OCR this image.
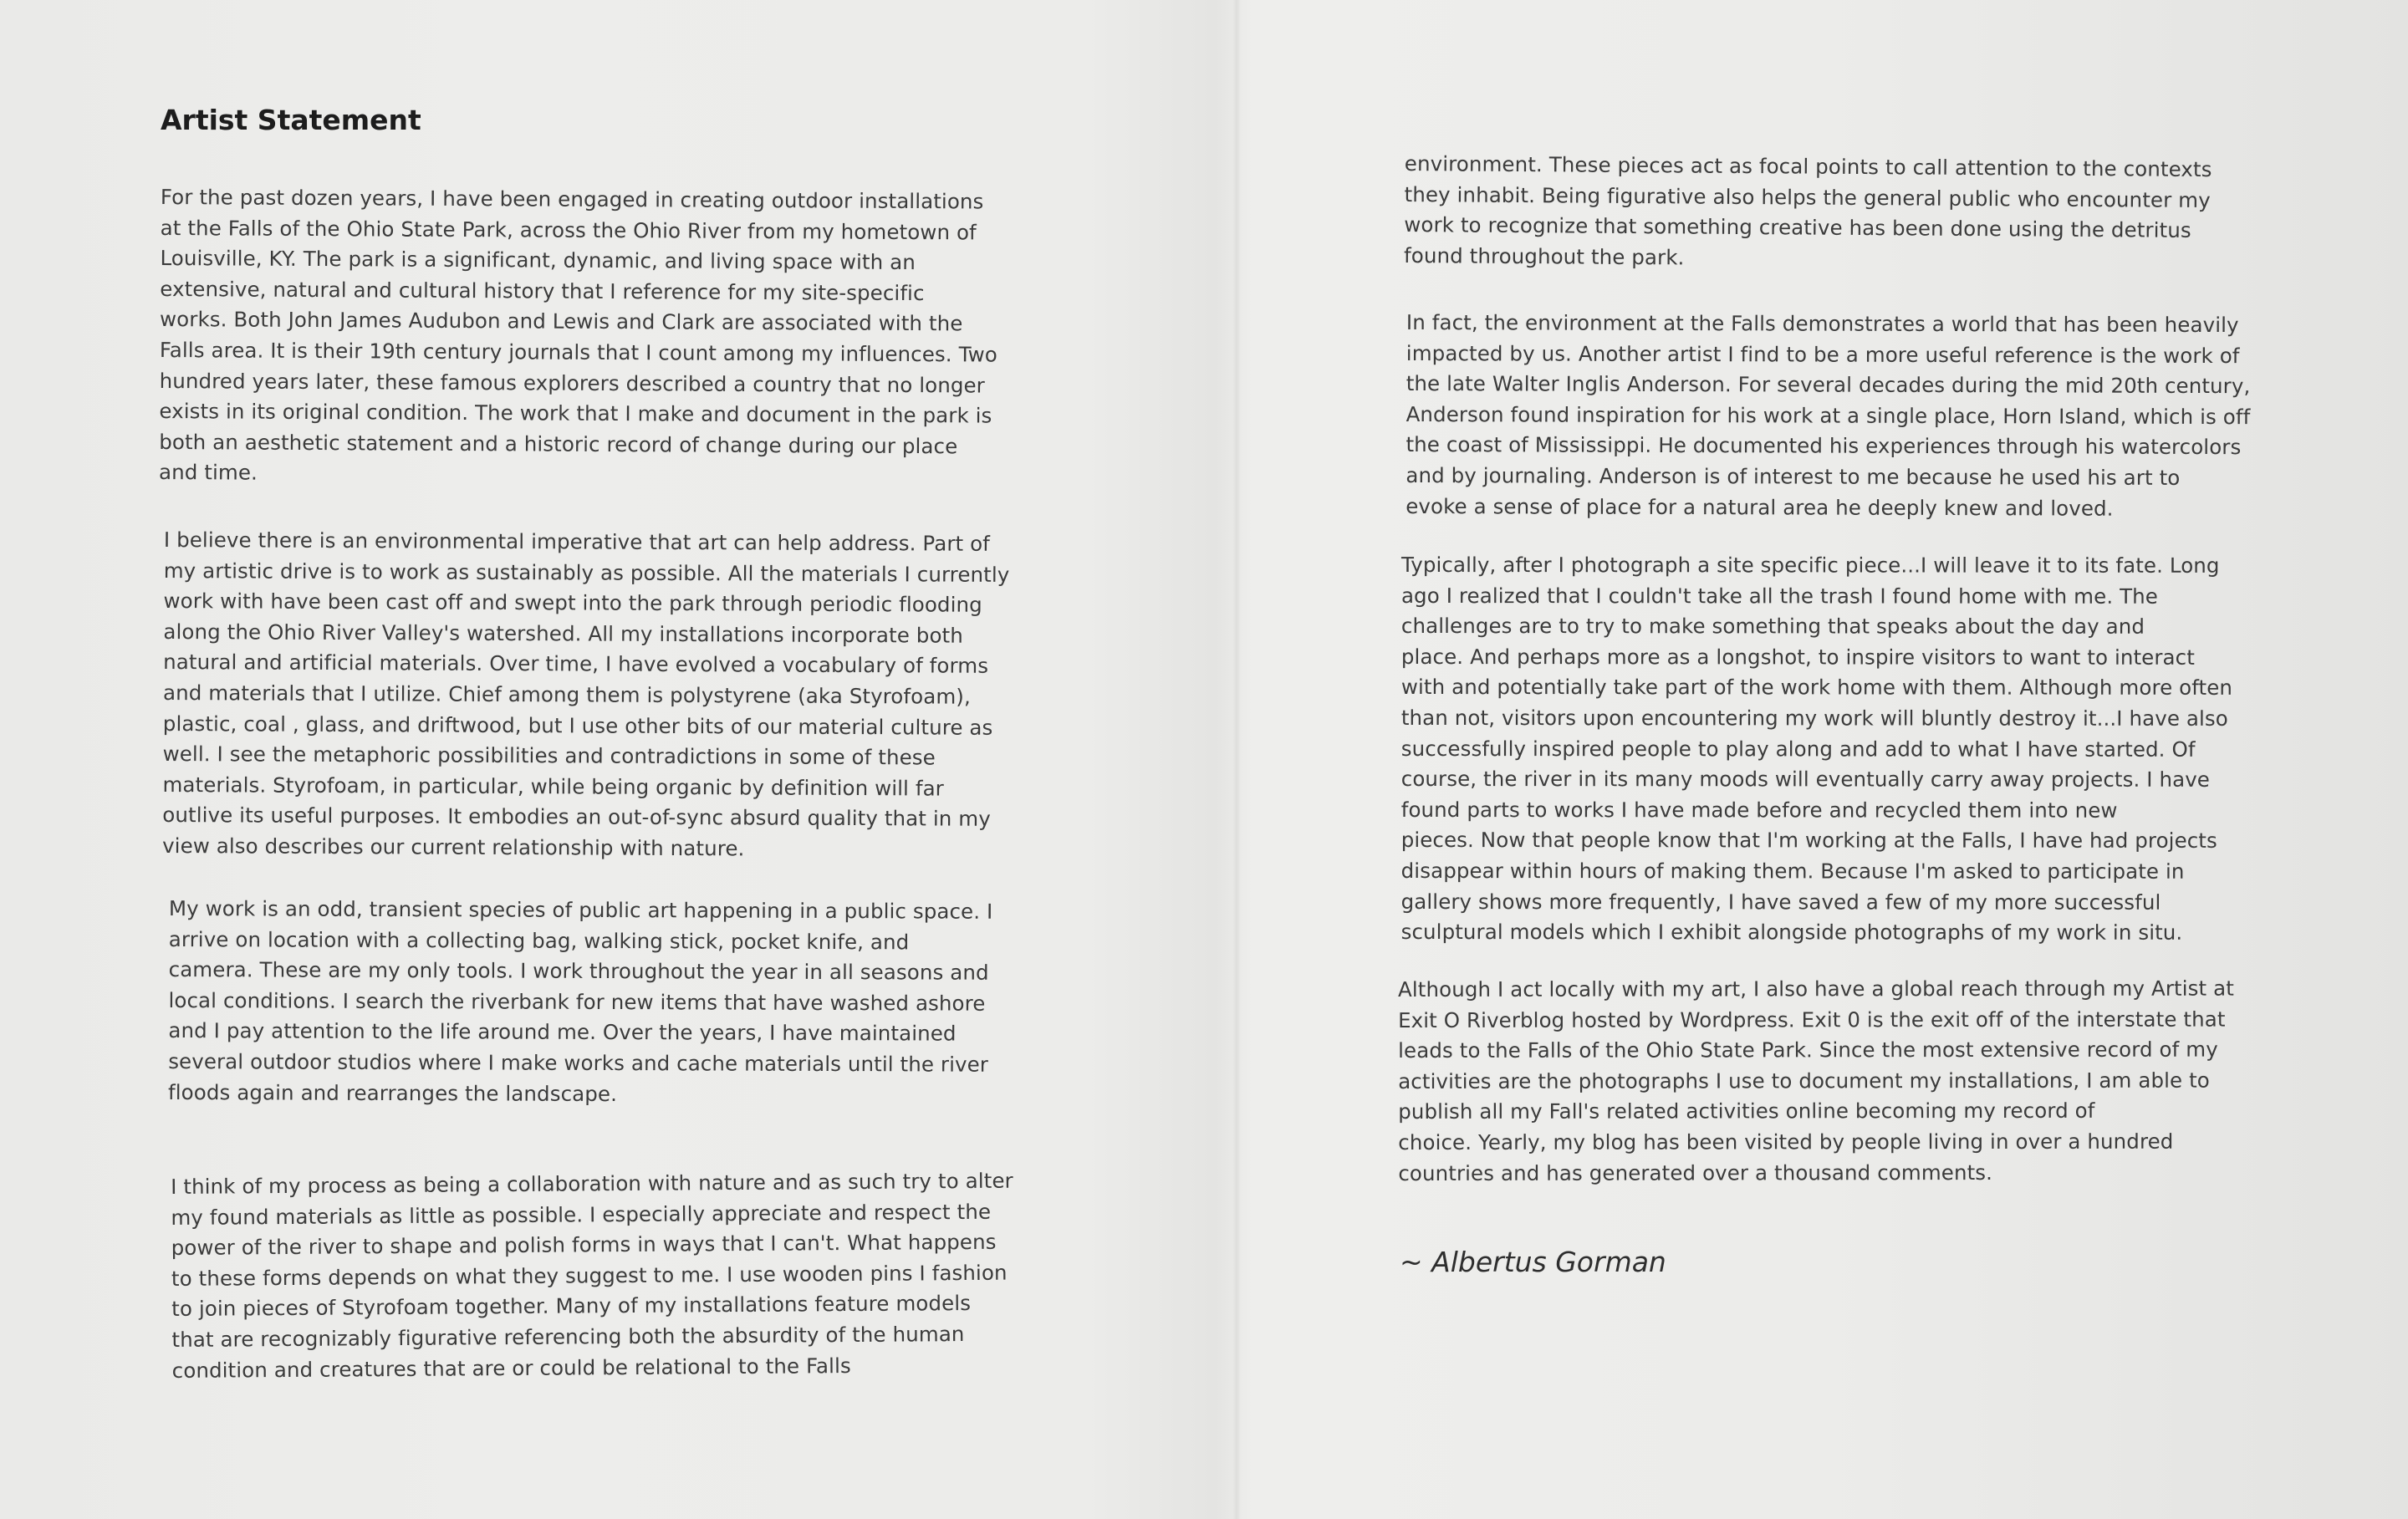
Artist Statement

For the past dozen years, I have been engaged in creating outdoor installations
at the Falls of the Ohio State Park, across the Ohio River from my hometown of
Louisville, KY. The park is a significant, dynamic, and living space with an
extensive, natural and cultural history that I reference for my site-specific
works. Both John James Audubon and Lewis and Clark are associated with the
Falls area. It is their 19th century journals that I count among my influences. Two
hundred years later, these famous explorers described a country that no longer
exists in its original condition. The work that I make and document in the park is
both an aesthetic statement and a historic record of change during our place
and time.

I believe there is an environmental imperative that art can help address. Part of
my artistic drive is to work as sustainably as possible. All the materials I currently
work with have been cast off and swept into the park through periodic flooding
along the Ohio River Valley's watershed. All my installations incorporate both
natural and artificial materials. Over time, I have evolved a vocabulary of forms
and materials that I utilize. Chief among them is polystyrene (aka Styrofoam),
plastic, coal , glass, and driftwood, but I use other bits of our material culture as
well. I see the metaphoric possibilities and contradictions in some of these
materials. Styrofoam, in particular, while being organic by definition will far
outlive its useful purposes. It embodies an out-of-sync absurd quality that in my
view also describes our current relationship with nature.

My work is an odd, transient species of public art happening in a public space. I
arrive on location with a collecting bag, walking stick, pocket knife, and
camera. These are my only tools. I work throughout the year in all seasons and
local conditions. I search the riverbank for new items that have washed ashore
and I pay attention to the life around me. Over the years, I have maintained
several outdoor studios where I make works and cache materials until the river
floods again and rearranges the landscape.

I think of my process as being a collaboration with nature and as such try to alter
my found materials as little as possible. I especially appreciate and respect the
power of the river to shape and polish forms in ways that I can't. What happens
to these forms depends on what they suggest to me. I use wooden pins I fashion
to join pieces of Styrofoam together. Many of my installations feature models
that are recognizably figurative referencing both the absurdity of the human
condition and creatures that are or could be relational to the Falls

environment. These pieces act as focal points to call attention to the contexts
they inhabit. Being figurative also helps the general public who encounter my
work to recognize that something creative has been done using the detritus
found throughout the park.

In fact, the environment at the Falls demonstrates a world that has been heavily
impacted by us. Another artist I find to be a more useful reference is the work of
the late Walter Inglis Anderson. For several decades during the mid 20th century,
Anderson found inspiration for his work at a single place, Horn Island, which is off
the coast of Mississippi. He documented his experiences through his watercolors
and by journaling. Anderson is of interest to me because he used his art to
evoke a sense of place for a natural area he deeply knew and loved.

Typically, after I photograph a site specific piece...I will leave it to its fate. Long
ago I realized that I couldn't take all the trash I found home with me. The
challenges are to try to make something that speaks about the day and
place. And perhaps more as a longshot, to inspire visitors to want to interact
with and potentially take part of the work home with them. Although more often
than not, visitors upon encountering my work will bluntly destroy it...I have also
successfully inspired people to play along and add to what I have started. Of
course, the river in its many moods will eventually carry away projects. I have
found parts to works I have made before and recycled them into new
pieces. Now that people know that I'm working at the Falls, I have had projects
disappear within hours of making them. Because I'm asked to participate in
gallery shows more frequently, I have saved a few of my more successful
sculptural models which I exhibit alongside photographs of my work in situ.

Although I act locally with my art, I also have a global reach through my Artist at
Exit O Riverblog hosted by Wordpress. Exit 0 is the exit off of the interstate that
leads to the Falls of the Ohio State Park. Since the most extensive record of my
activities are the photographs I use to document my installations, I am able to
publish all my Fall's related activities online becoming my record of
choice. Yearly, my blog has been visited by people living in over a hundred
countries and has generated over a thousand comments.

~ Albertus Gorman
